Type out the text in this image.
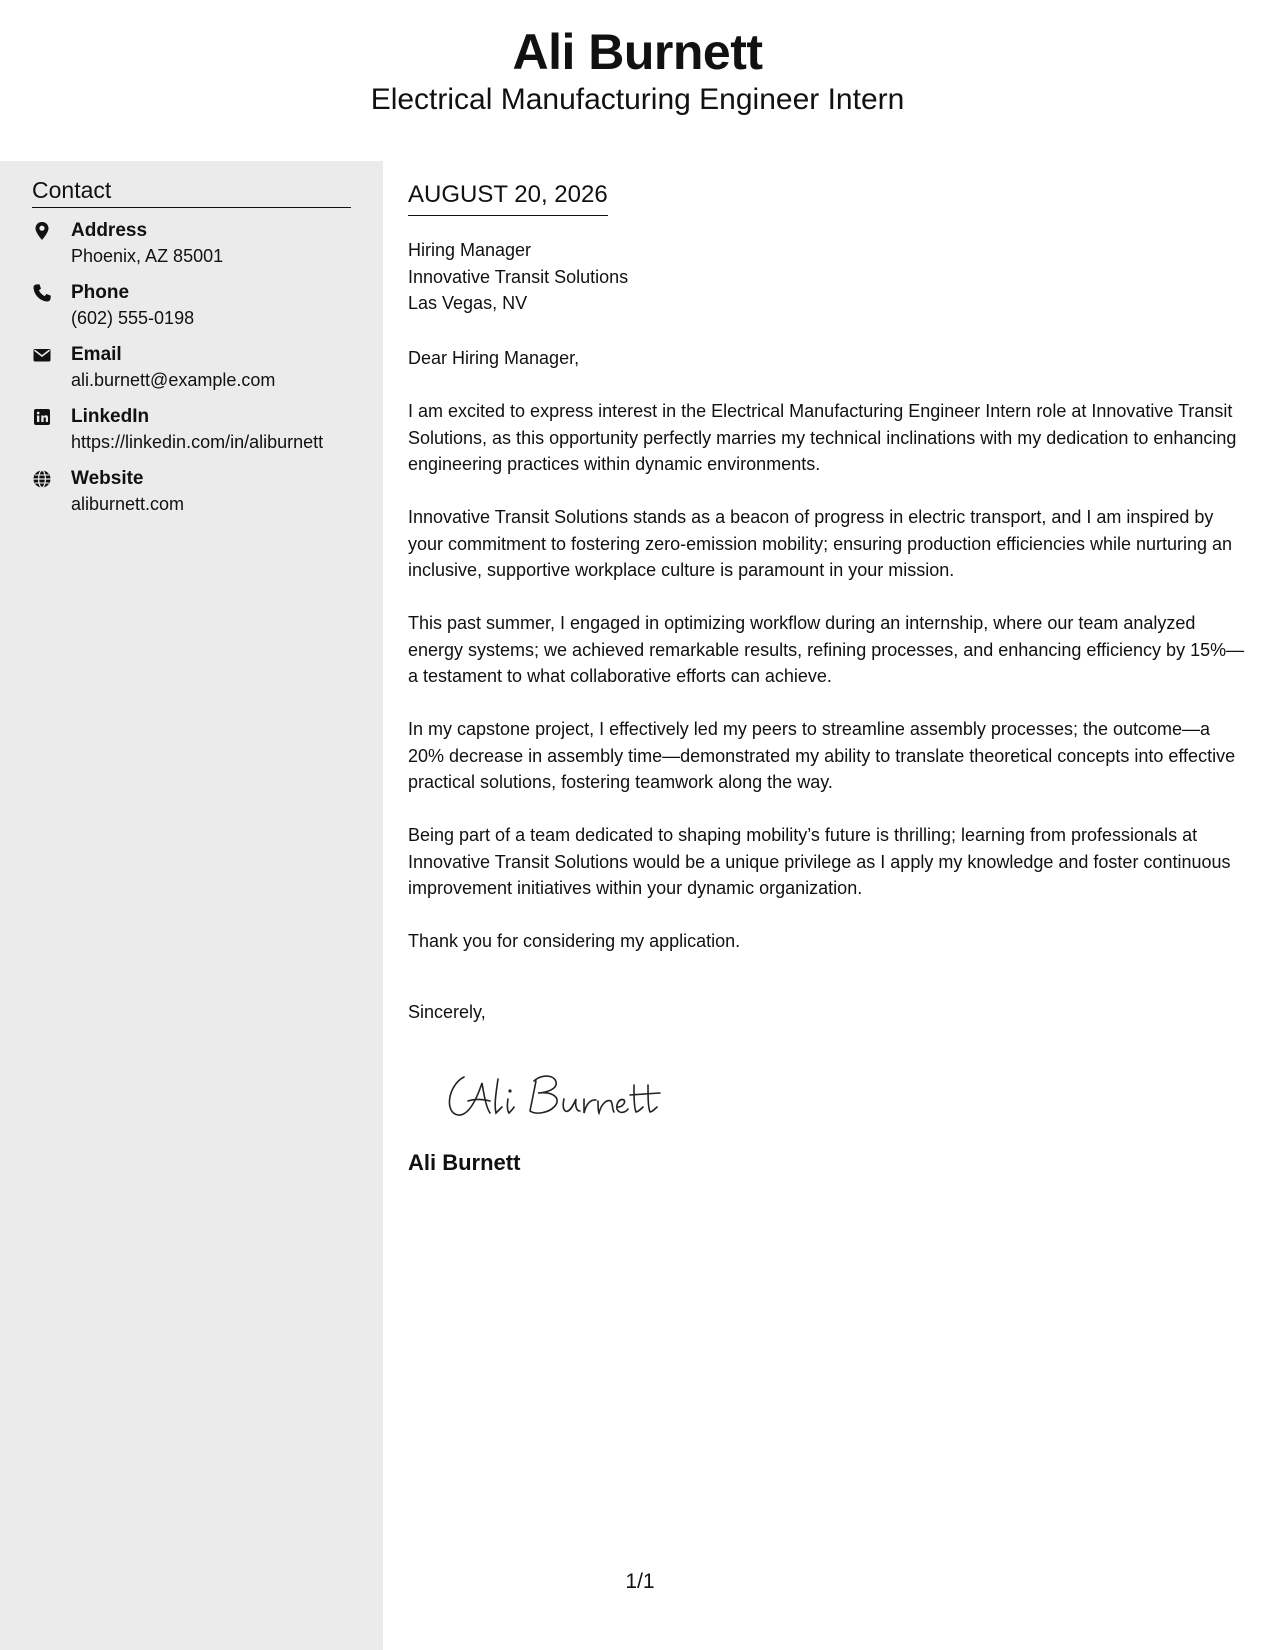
Ali Burnett
Electrical Manufacturing Engineer Intern
Contact
Address
Phoenix, AZ 85001
Phone
(602) 555-0198
Email
ali.burnett@example.com
LinkedIn
https://linkedin.com/in/aliburnett
Website
aliburnett.com
AUGUST 20, 2026
Hiring Manager
Innovative Transit Solutions
Las Vegas, NV
Dear Hiring Manager,
I am excited to express interest in the Electrical Manufacturing Engineer Intern role at Innovative Transit Solutions, as this opportunity perfectly marries my technical inclinations with my dedication to enhancing engineering practices within dynamic environments.
Innovative Transit Solutions stands as a beacon of progress in electric transport, and I am inspired by your commitment to fostering zero-emission mobility; ensuring production efficiencies while nurturing an inclusive, supportive workplace culture is paramount in your mission.
This past summer, I engaged in optimizing workflow during an internship, where our team analyzed energy systems; we achieved remarkable results, refining processes, and enhancing efficiency by 15%—a testament to what collaborative efforts can achieve.
In my capstone project, I effectively led my peers to streamline assembly processes; the outcome—a 20% decrease in assembly time—demonstrated my ability to translate theoretical concepts into effective practical solutions, fostering teamwork along the way.
Being part of a team dedicated to shaping mobility’s future is thrilling; learning from professionals at Innovative Transit Solutions would be a unique privilege as I apply my knowledge and foster continuous improvement initiatives within your dynamic organization.
Thank you for considering my application.
Sincerely,
Ali Burnett
1/1
